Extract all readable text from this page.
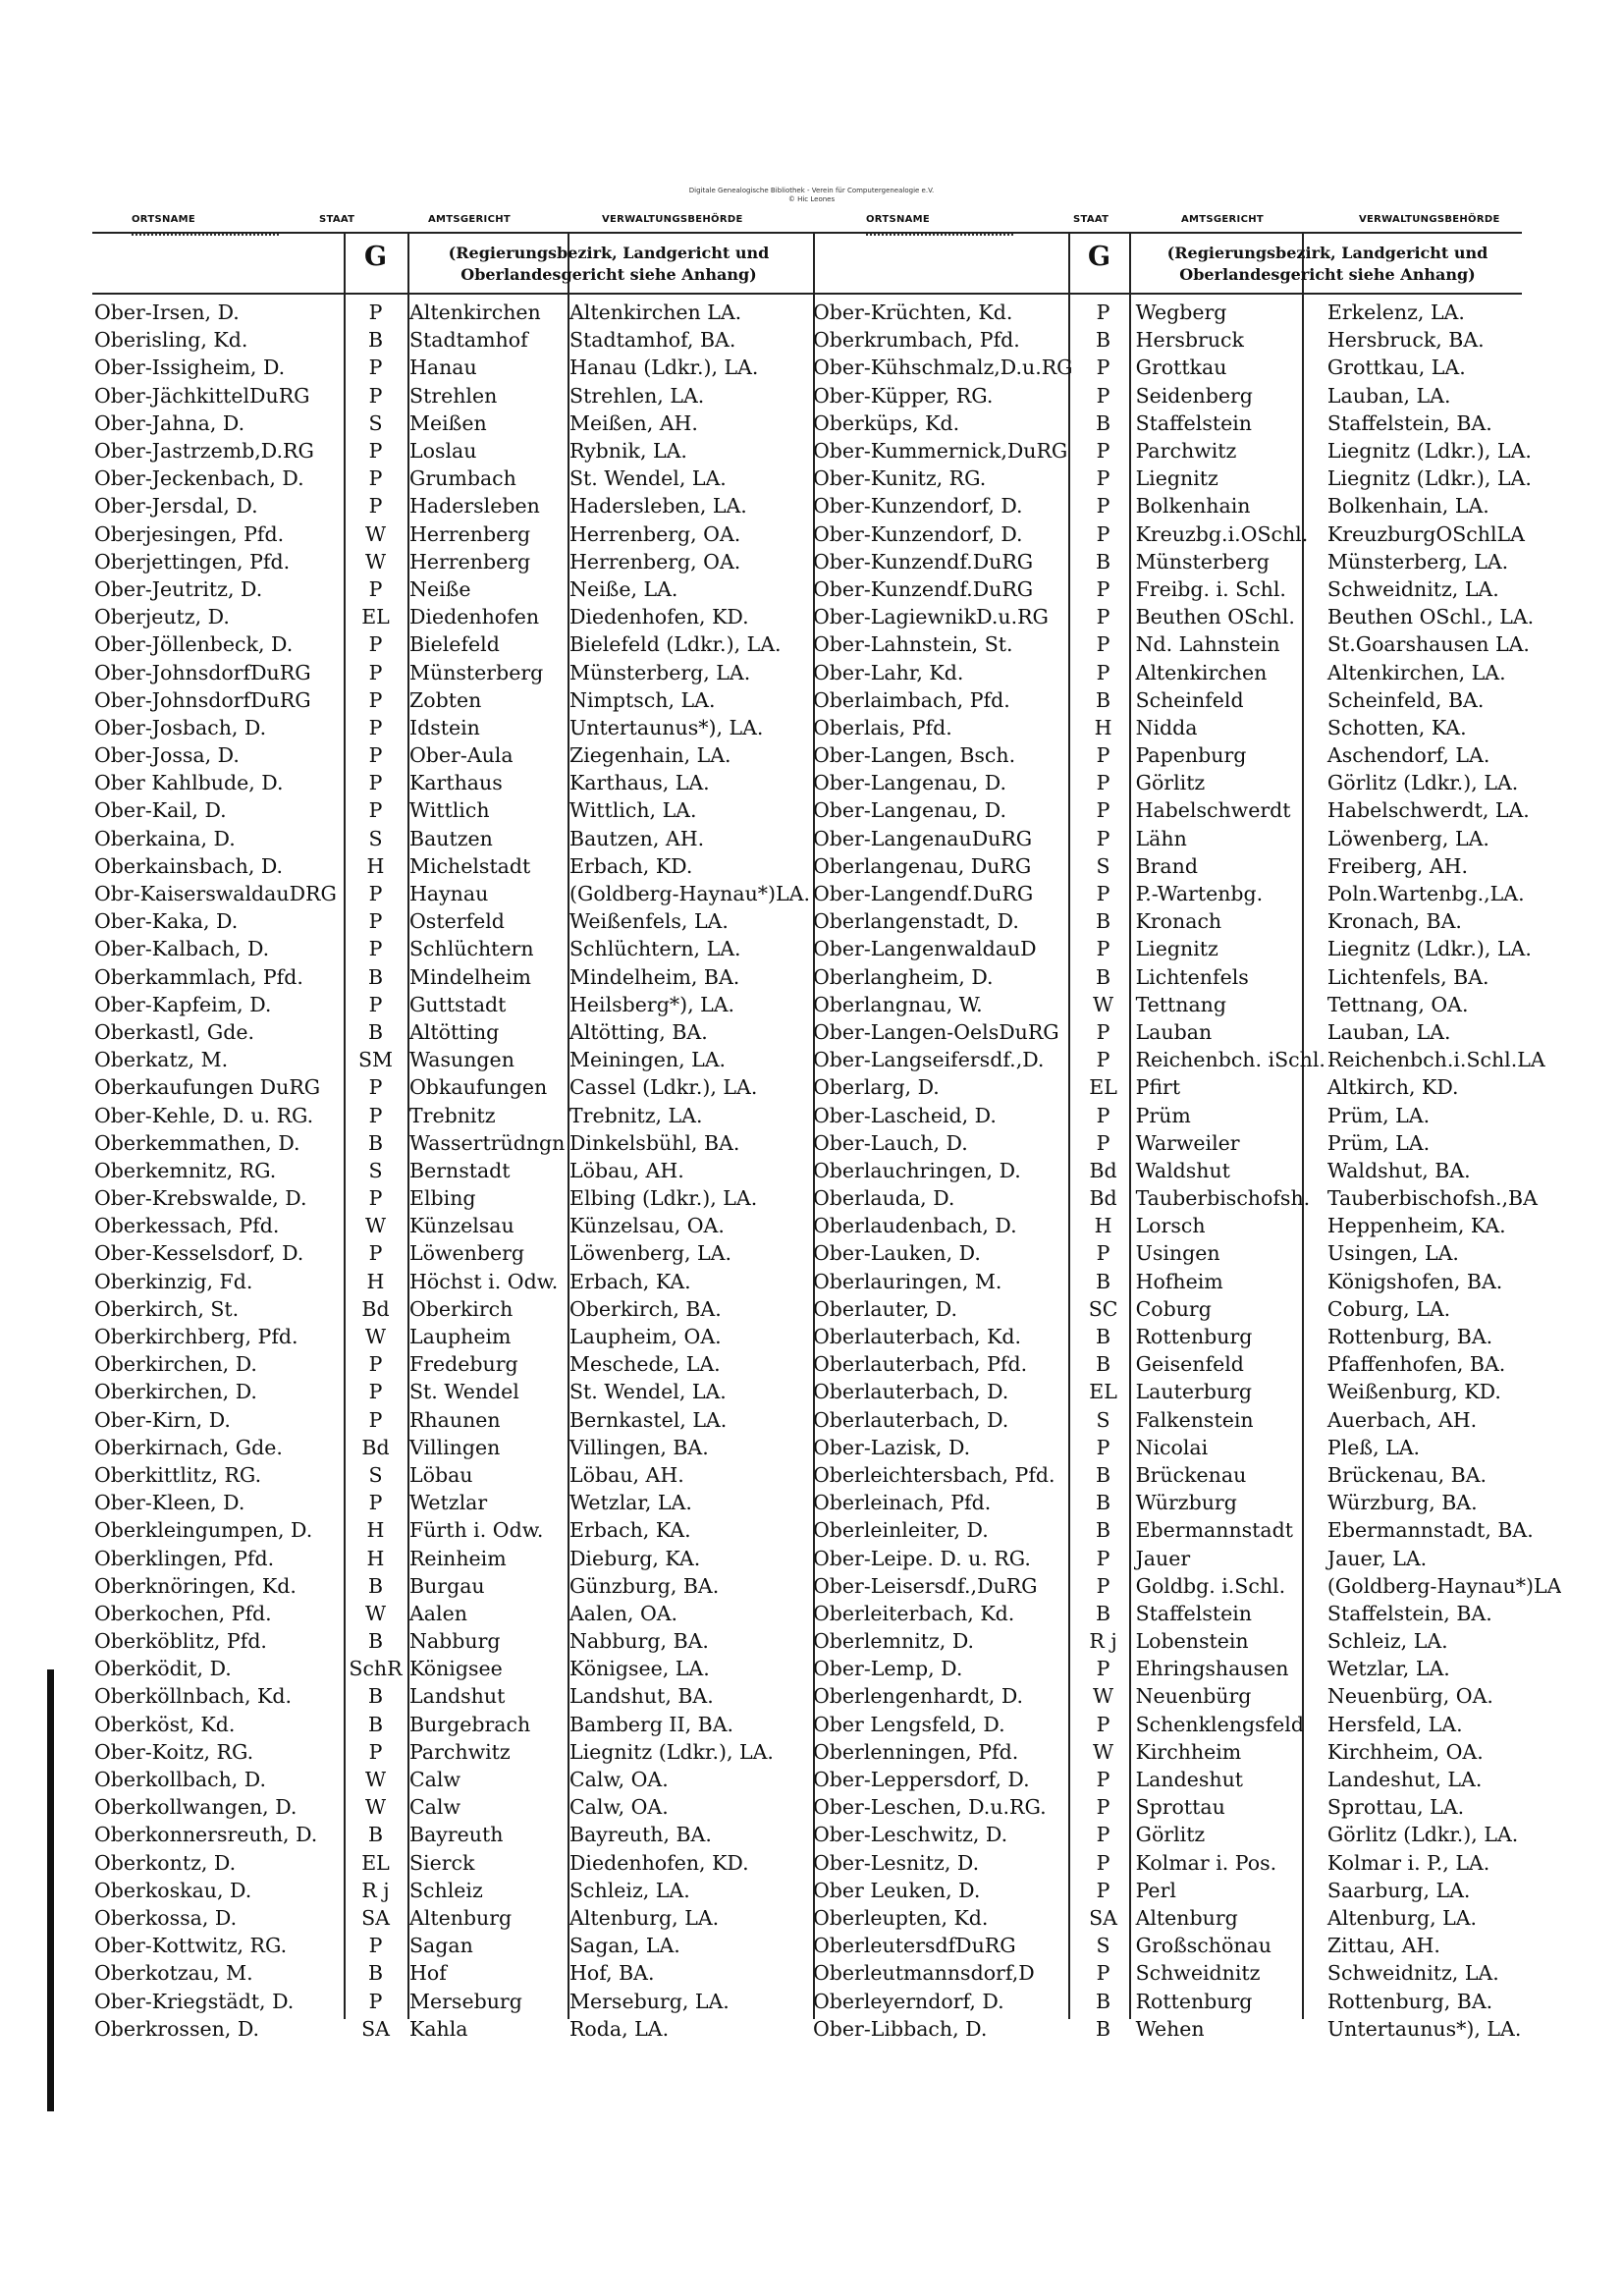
Digitale Genealogische Bibliothek - Verein für Computergenealogie e.V.
© Hic Leones
ORTSNAME	STAAT	AMTSGERICHT	VERWALTUNGSBEHÖRDE	ORTSNAME	STAAT	AMTSGERICHT	VERWALTUNGSBEHÖRDE
G	G
(Regierungsbezirk, Landgericht und Oberlandesgericht siehe Anhang)
(Regierungsbezirk, Landgericht und Oberlandesgericht siehe Anhang)
Ober-Irsen, D.	P	Altenkirchen	Altenkirchen LA.
Oberisling, Kd.	B	Stadtamhof	Stadtamhof, BA.
Ober-Issigheim, D.	P	Hanau	Hanau (Ldkr.), LA.
Ober-JächkittelDuRG	P	Strehlen	Strehlen, LA.
Ober-Jahna, D.	S	Meißen	Meißen, AH.
Ober-Jastrzemb,D.RG	P	Loslau	Rybnik, LA.
Ober-Jeckenbach, D.	P	Grumbach	St. Wendel, LA.
Ober-Jersdal, D.	P	Hadersleben	Hadersleben, LA.
Oberjesingen, Pfd.	W	Herrenberg	Herrenberg, OA.
Oberjettingen, Pfd.	W	Herrenberg	Herrenberg, OA.
Ober-Jeutritz, D.	P	Neiße	Neiße, LA.
Oberjeutz, D.	EL	Diedenhofen	Diedenhofen, KD.
Ober-Jöllenbeck, D.	P	Bielefeld	Bielefeld (Ldkr.), LA.
Ober-JohnsdorfDuRG	P	Münsterberg	Münsterberg, LA.
Ober-JohnsdorfDuRG	P	Zobten	Nimptsch, LA.
Ober-Josbach, D.	P	Idstein	Untertaunus*), LA.
Ober-Jossa, D.	P	Ober-Aula	Ziegenhain, LA.
Ober Kahlbude, D.	P	Karthaus	Karthaus, LA.
Ober-Kail, D.	P	Wittlich	Wittlich, LA.
Oberkaina, D.	S	Bautzen	Bautzen, AH.
Oberkainsbach, D.	H	Michelstadt	Erbach, KD.
Obr-KaiserswaldauDRG	P	Haynau	(Goldberg-Haynau*)LA.
Ober-Kaka, D.	P	Osterfeld	Weißenfels, LA.
Ober-Kalbach, D.	P	Schlüchtern	Schlüchtern, LA.
Oberkammlach, Pfd.	B	Mindelheim	Mindelheim, BA.
Ober-Kapfeim, D.	P	Guttstadt	Heilsberg*), LA.
Oberkastl, Gde.	B	Altötting	Altötting, BA.
Oberkatz, M.	SM	Wasungen	Meiningen, LA.
Oberkaufungen DuRG	P	Obkaufungen	Cassel (Ldkr.), LA.
Ober-Kehle, D. u. RG.	P	Trebnitz	Trebnitz, LA.
Oberkemmathen, D.	B	Wassertrüdngn	Dinkelsbühl, BA.
Oberkemnitz, RG.	S	Bernstadt	Löbau, AH.
Ober-Krebswalde, D.	P	Elbing	Elbing (Ldkr.), LA.
Oberkessach, Pfd.	W	Künzelsau	Künzelsau, OA.
Ober-Kesselsdorf, D.	P	Löwenberg	Löwenberg, LA.
Oberkinzig, Fd.	H	Höchst i. Odw.	Erbach, KA.
Oberkirch, St.	Bd	Oberkirch	Oberkirch, BA.
Oberkirchberg, Pfd.	W	Laupheim	Laupheim, OA.
Oberkirchen, D.	P	Fredeburg	Meschede, LA.
Oberkirchen, D.	P	St. Wendel	St. Wendel, LA.
Ober-Kirn, D.	P	Rhaunen	Bernkastel, LA.
Oberkirnach, Gde.	Bd	Villingen	Villingen, BA.
Oberkittlitz, RG.	S	Löbau	Löbau, AH.
Ober-Kleen, D.	P	Wetzlar	Wetzlar, LA.
Oberkleingumpen, D.	H	Fürth i. Odw.	Erbach, KA.
Oberklingen, Pfd.	H	Reinheim	Dieburg, KA.
Oberknöringen, Kd.	B	Burgau	Günzburg, BA.
Oberkochen, Pfd.	W	Aalen	Aalen, OA.
Oberköblitz, Pfd.	B	Nabburg	Nabburg, BA.
Oberködit, D.	SchR	Königsee	Königsee, LA.
Oberköllnbach, Kd.	B	Landshut	Landshut, BA.
Oberköst, Kd.	B	Burgebrach	Bamberg II, BA.
Ober-Koitz, RG.	P	Parchwitz	Liegnitz (Ldkr.), LA.
Oberkollbach, D.	W	Calw	Calw, OA.
Oberkollwangen, D.	W	Calw	Calw, OA.
Oberkonnersreuth, D.	B	Bayreuth	Bayreuth, BA.
Oberkontz, D.	EL	Sierck	Diedenhofen, KD.
Oberkoskau, D.	R j	Schleiz	Schleiz, LA.
Oberkossa, D.	SA	Altenburg	Altenburg, LA.
Ober-Kottwitz, RG.	P	Sagan	Sagan, LA.
Oberkotzau, M.	B	Hof	Hof, BA.
Ober-Kriegstädt, D.	P	Merseburg	Merseburg, LA.
Oberkrossen, D.	SA	Kahla	Roda, LA.
Ober-Krüchten, Kd.	P	Wegberg	Erkelenz, LA.
Oberkrumbach, Pfd.	B	Hersbruck	Hersbruck, BA.
Ober-Kühschmalz,D.u.RG	P	Grottkau	Grottkau, LA.
Ober-Küpper, RG.	P	Seidenberg	Lauban, LA.
Oberküps, Kd.	B	Staffelstein	Staffelstein, BA.
Ober-Kummernick,DuRG	P	Parchwitz	Liegnitz (Ldkr.), LA.
Ober-Kunitz, RG.	P	Liegnitz	Liegnitz (Ldkr.), LA.
Ober-Kunzendorf, D.	P	Bolkenhain	Bolkenhain, LA.
Ober-Kunzendorf, D.	P	Kreuzbg.i.OSchl.	KreuzburgOSchlLA
Ober-Kunzendf.DuRG	B	Münsterberg	Münsterberg, LA.
Ober-Kunzendf.DuRG	P	Freibg. i. Schl.	Schweidnitz, LA.
Ober-LagiewnikD.u.RG	P	Beuthen OSchl.	Beuthen OSchl., LA.
Ober-Lahnstein, St.	P	Nd. Lahnstein	St.Goarshausen LA.
Ober-Lahr, Kd.	P	Altenkirchen	Altenkirchen, LA.
Oberlaimbach, Pfd.	B	Scheinfeld	Scheinfeld, BA.
Oberlais, Pfd.	H	Nidda	Schotten, KA.
Ober-Langen, Bsch.	P	Papenburg	Aschendorf, LA.
Ober-Langenau, D.	P	Görlitz	Görlitz (Ldkr.), LA.
Ober-Langenau, D.	P	Habelschwerdt	Habelschwerdt, LA.
Ober-LangenauDuRG	P	Lähn	Löwenberg, LA.
Oberlangenau, DuRG	S	Brand	Freiberg, AH.
Ober-Langendf.DuRG	P	P.-Wartenbg.	Poln.Wartenbg.,LA.
Oberlangenstadt, D.	B	Kronach	Kronach, BA.
Ober-LangenwaldauD	P	Liegnitz	Liegnitz (Ldkr.), LA.
Oberlangheim, D.	B	Lichtenfels	Lichtenfels, BA.
Oberlangnau, W.	W	Tettnang	Tettnang, OA.
Ober-Langen-OelsDuRG	P	Lauban	Lauban, LA.
Ober-Langseifersdf.,D.	P	Reichenbch. iSchl.	Reichenbch.i.Schl.LA
Oberlarg, D.	EL	Pfirt	Altkirch, KD.
Ober-Lascheid, D.	P	Prüm	Prüm, LA.
Ober-Lauch, D.	P	Warweiler	Prüm, LA.
Oberlauchringen, D.	Bd	Waldshut	Waldshut, BA.
Oberlauda, D.	Bd	Tauberbischofsh.	Tauberbischofsh.,BA
Oberlaudenbach, D.	H	Lorsch	Heppenheim, KA.
Ober-Lauken, D.	P	Usingen	Usingen, LA.
Oberlauringen, M.	B	Hofheim	Königshofen, BA.
Oberlauter, D.	SC	Coburg	Coburg, LA.
Oberlauterbach, Kd.	B	Rottenburg	Rottenburg, BA.
Oberlauterbach, Pfd.	B	Geisenfeld	Pfaffenhofen, BA.
Oberlauterbach, D.	EL	Lauterburg	Weißenburg, KD.
Oberlauterbach, D.	S	Falkenstein	Auerbach, AH.
Ober-Lazisk, D.	P	Nicolai	Pleß, LA.
Oberleichtersbach, Pfd.	B	Brückenau	Brückenau, BA.
Oberleinach, Pfd.	B	Würzburg	Würzburg, BA.
Oberleinleiter, D.	B	Ebermannstadt	Ebermannstadt, BA.
Ober-Leipe. D. u. RG.	P	Jauer	Jauer, LA.
Ober-Leisersdf.,DuRG	P	Goldbg. i.Schl.	(Goldberg-Haynau*)LA
Oberleiterbach, Kd.	B	Staffelstein	Staffelstein, BA.
Oberlemnitz, D.	R j	Lobenstein	Schleiz, LA.
Ober-Lemp, D.	P	Ehringshausen	Wetzlar, LA.
Oberlengenhardt, D.	W	Neuenbürg	Neuenbürg, OA.
Ober Lengsfeld, D.	P	Schenklengsfeld	Hersfeld, LA.
Oberlenningen, Pfd.	W	Kirchheim	Kirchheim, OA.
Ober-Leppersdorf, D.	P	Landeshut	Landeshut, LA.
Ober-Leschen, D.u.RG.	P	Sprottau	Sprottau, LA.
Ober-Leschwitz, D.	P	Görlitz	Görlitz (Ldkr.), LA.
Ober-Lesnitz, D.	P	Kolmar i. Pos.	Kolmar i. P., LA.
Ober Leuken, D.	P	Perl	Saarburg, LA.
Oberleupten, Kd.	SA	Altenburg	Altenburg, LA.
OberleutersdfDuRG	S	Großschönau	Zittau, AH.
Oberleutmannsdorf,D	P	Schweidnitz	Schweidnitz, LA.
Oberleyerndorf, D.	B	Rottenburg	Rottenburg, BA.
Ober-Libbach, D.	B	Wehen	Untertaunus*), LA.
